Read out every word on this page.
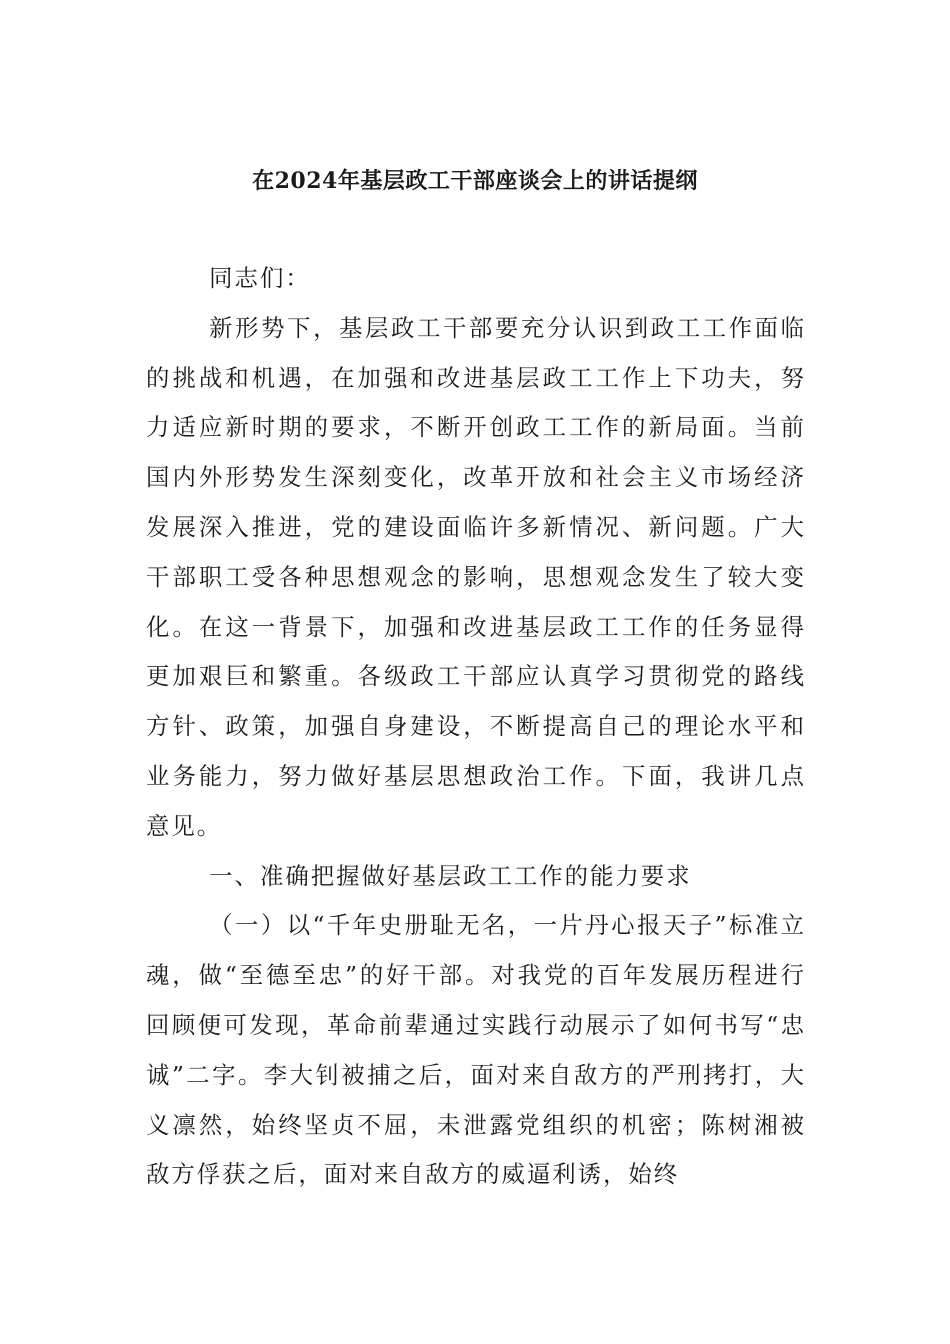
在2024年基层政工干部座谈会上的讲话提纲

同志们：

新形势下，基层政工干部要充分认识到政工工作面临的挑战和机遇，在加强和改进基层政工工作上下功夫，努力适应新时期的要求，不断开创政工工作的新局面。当前国内外形势发生深刻变化，改革开放和社会主义市场经济发展深入推进，党的建设面临许多新情况、新问题。广大干部职工受各种思想观念的影响，思想观念发生了较大变化。在这一背景下，加强和改进基层政工工作的任务显得更加艰巨和繁重。各级政工干部应认真学习贯彻党的路线方针、政策，加强自身建设，不断提高自己的理论水平和业务能力，努力做好基层思想政治工作。下面，我讲几点意见。

一、准确把握做好基层政工工作的能力要求

（一）以“千年史册耻无名，一片丹心报天子”标准立魂，做“至德至忠”的好干部。对我党的百年发展历程进行回顾便可发现，革命前辈通过实践行动展示了如何书写“忠诚”二字。李大钊被捕之后，面对来自敌方的严刑拷打，大义凛然，始终坚贞不屈，未泄露党组织的机密；陈树湘被敌方俘获之后，面对来自敌方的威逼利诱，始终
